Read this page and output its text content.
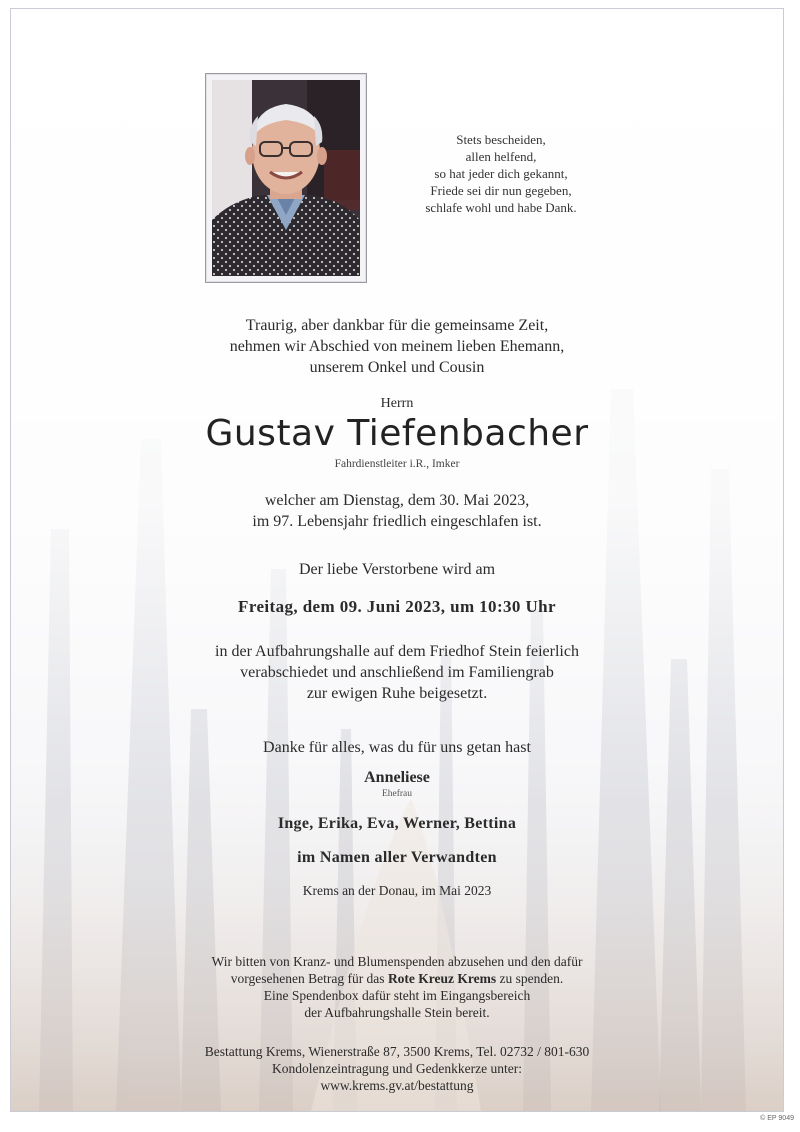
Stets bescheiden,
allen helfend,
so hat jeder dich gekannt,
Friede sei dir nun gegeben,
schlafe wohl und habe Dank.
Traurig, aber dankbar für die gemeinsame Zeit,
nehmen wir Abschied von meinem lieben Ehemann,
unserem Onkel und Cousin
Herrn
Gustav Tiefenbacher
Fahrdienstleiter i.R., Imker
welcher am Dienstag, dem 30. Mai 2023,
im 97. Lebensjahr friedlich eingeschlafen ist.
Der liebe Verstorbene wird am
Freitag, dem 09. Juni 2023, um 10:30 Uhr
in der Aufbahrungshalle auf dem Friedhof Stein feierlich
verabschiedet und anschließend im Familiengrab
zur ewigen Ruhe beigesetzt.
Danke für alles, was du für uns getan hast
Anneliese
Ehefrau
Inge, Erika, Eva, Werner, Bettina
im Namen aller Verwandten
Krems an der Donau, im Mai 2023
Wir bitten von Kranz- und Blumenspenden abzusehen und den dafür
vorgesehenen Betrag für das Rote Kreuz Krems zu spenden.
Eine Spendenbox dafür steht im Eingangsbereich
der Aufbahrungshalle Stein bereit.
Bestattung Krems, Wienerstraße 87, 3500 Krems, Tel. 02732 / 801-630
Kondolenzeintragung und Gedenkkerze unter:
www.krems.gv.at/bestattung
© EP 9049
